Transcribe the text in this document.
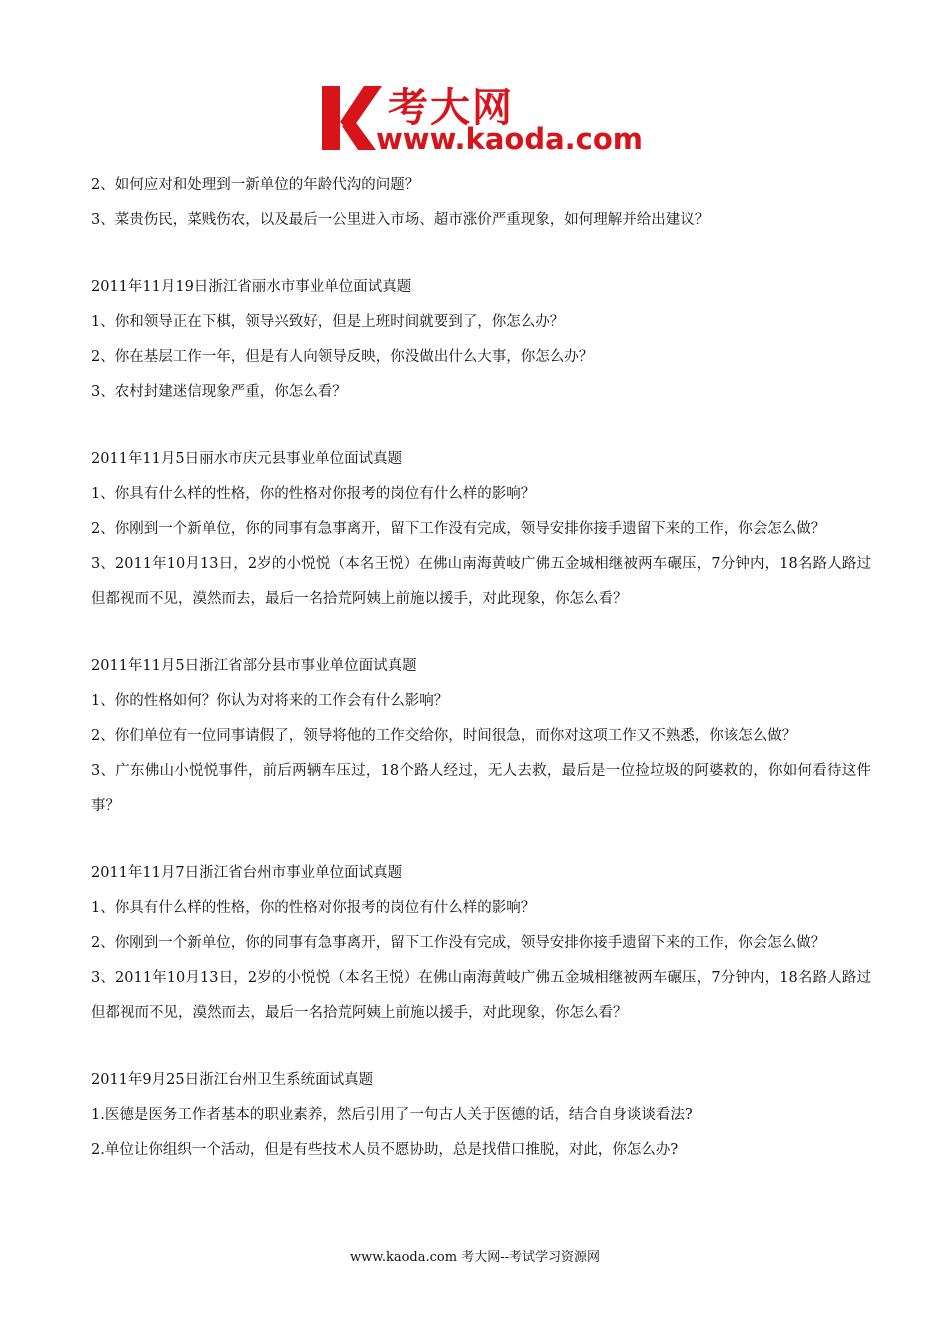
考大网
www.kaoda.com
2、如何应对和处理到一新单位的年龄代沟的问题？
3、菜贵伤民，菜贱伤农，以及最后一公里进入市场、超市涨价严重现象，如何理解并给出建议？
2011年11月19日浙江省丽水市事业单位面试真题
1、你和领导正在下棋，领导兴致好，但是上班时间就要到了，你怎么办？
2、你在基层工作一年，但是有人向领导反映，你没做出什么大事，你怎么办？
3、农村封建迷信现象严重，你怎么看？
2011年11月5日丽水市庆元县事业单位面试真题
1、你具有什么样的性格，你的性格对你报考的岗位有什么样的影响？
2、你刚到一个新单位，你的同事有急事离开，留下工作没有完成，领导安排你接手遗留下来的工作，你会怎么做？
3、2011年10月13日，2岁的小悦悦（本名王悦）在佛山南海黄岐广佛五金城相继被两车碾压，7分钟内，18名路人路过但都视而不见，漠然而去，最后一名拾荒阿姨上前施以援手，对此现象，你怎么看？
2011年11月5日浙江省部分县市事业单位面试真题
1、你的性格如何？你认为对将来的工作会有什么影响？
2、你们单位有一位同事请假了，领导将他的工作交给你，时间很急，而你对这项工作又不熟悉，你该怎么做？
3、广东佛山小悦悦事件，前后两辆车压过，18个路人经过，无人去救，最后是一位捡垃圾的阿婆救的，你如何看待这件事？
2011年11月7日浙江省台州市事业单位面试真题
1、你具有什么样的性格，你的性格对你报考的岗位有什么样的影响？
2、你刚到一个新单位，你的同事有急事离开，留下工作没有完成，领导安排你接手遗留下来的工作，你会怎么做？
3、2011年10月13日，2岁的小悦悦（本名王悦）在佛山南海黄岐广佛五金城相继被两车碾压，7分钟内，18名路人路过但都视而不见，漠然而去，最后一名拾荒阿姨上前施以援手，对此现象，你怎么看？
2011年9月25日浙江台州卫生系统面试真题
1.医德是医务工作者基本的职业素养，然后引用了一句古人关于医德的话，结合自身谈谈看法?
2.单位让你组织一个活动，但是有些技术人员不愿协助，总是找借口推脱，对此，你怎么办?
www.kaoda.com 考大网--考试学习资源网
